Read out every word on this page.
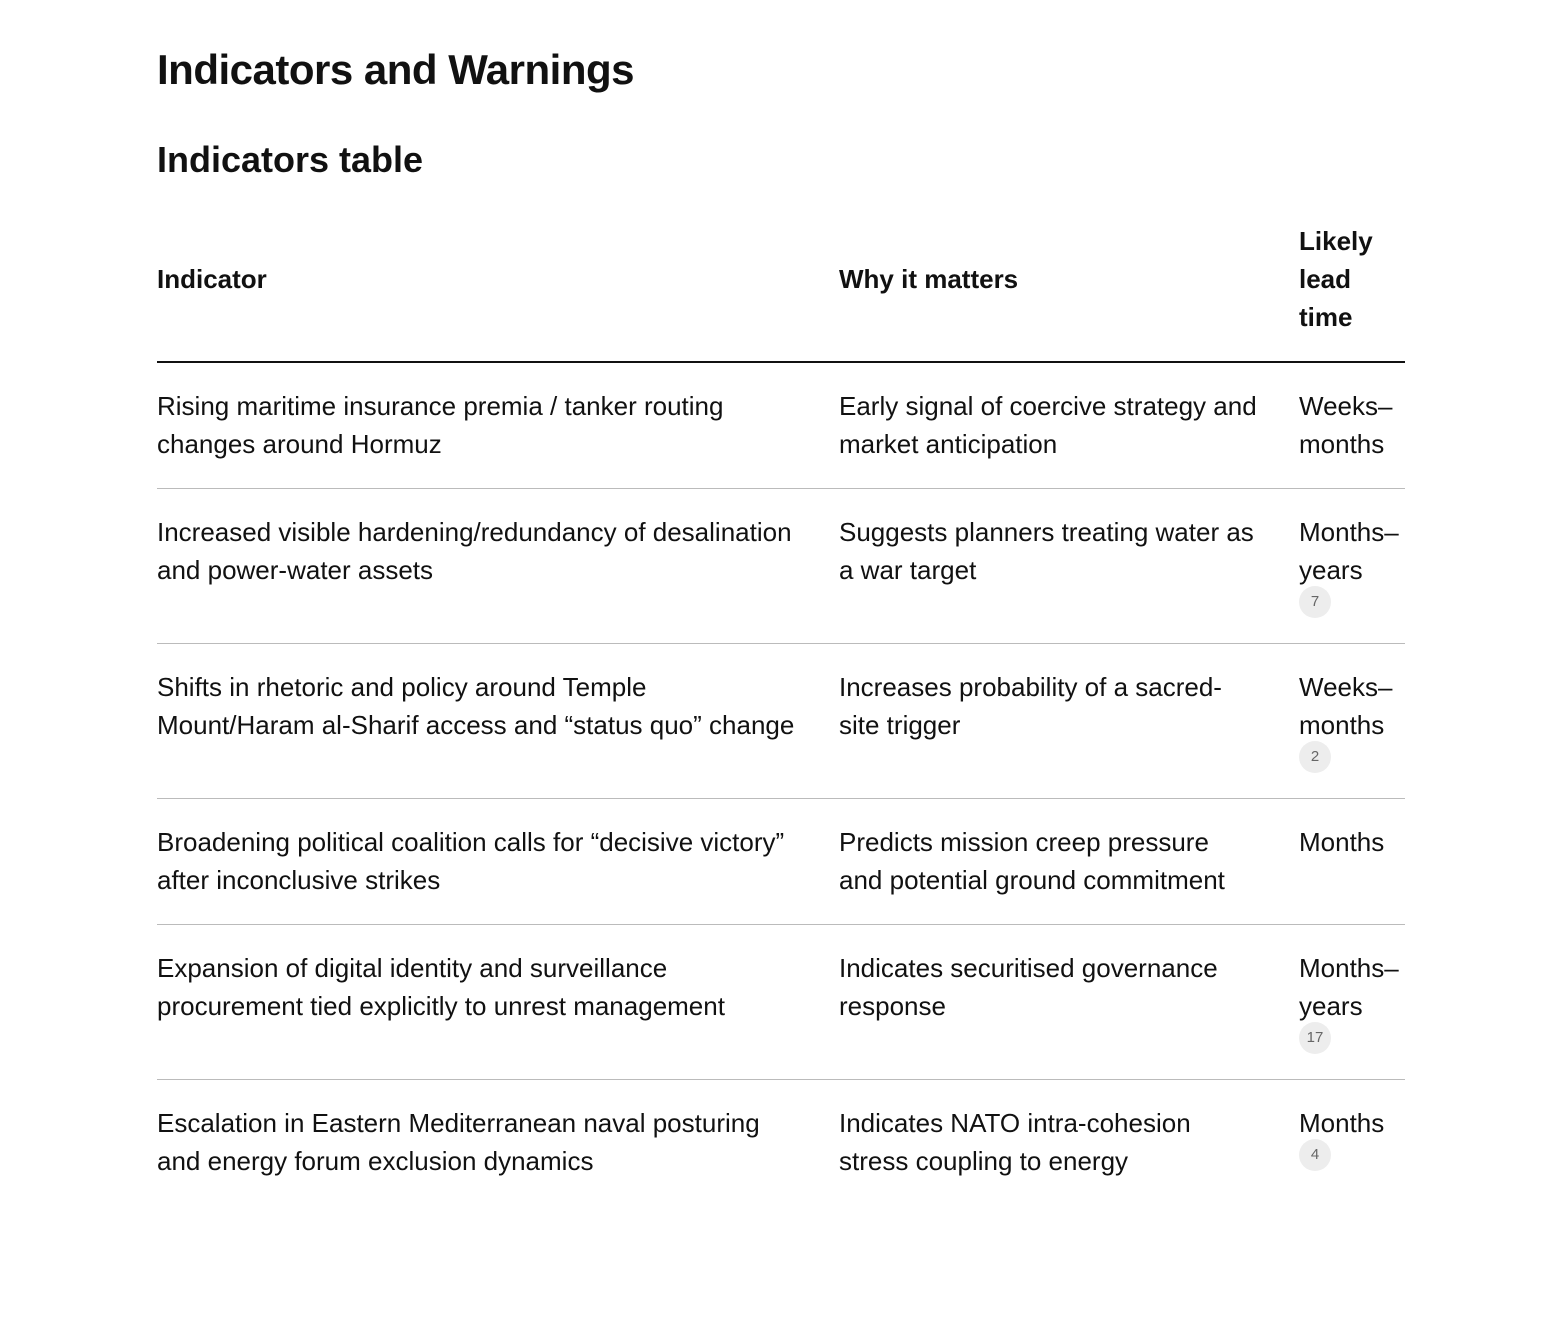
Indicators and Warnings
Indicators table
Indicator	Why it matters	Likely lead time

Rising maritime insurance premia / tanker routing changes around Hormuz	Early signal of coercive strategy and market anticipation	Weeks–months

Increased visible hardening/redundancy of desalination and power-water assets	Suggests planners treating water as a war target	Months–years
7

Shifts in rhetoric and policy around Temple Mount/Haram al-Sharif access and “status quo” change	Increases probability of a sacred-site trigger	Weeks–months
2

Broadening political coalition calls for “decisive victory” after inconclusive strikes	Predicts mission creep pressure and potential ground commitment	Months

Expansion of digital identity and surveillance procurement tied explicitly to unrest management	Indicates securitised governance response	Months–years
17

Escalation in Eastern Mediterranean naval posturing and energy forum exclusion dynamics	Indicates NATO intra-cohesion stress coupling to energy	Months
4
